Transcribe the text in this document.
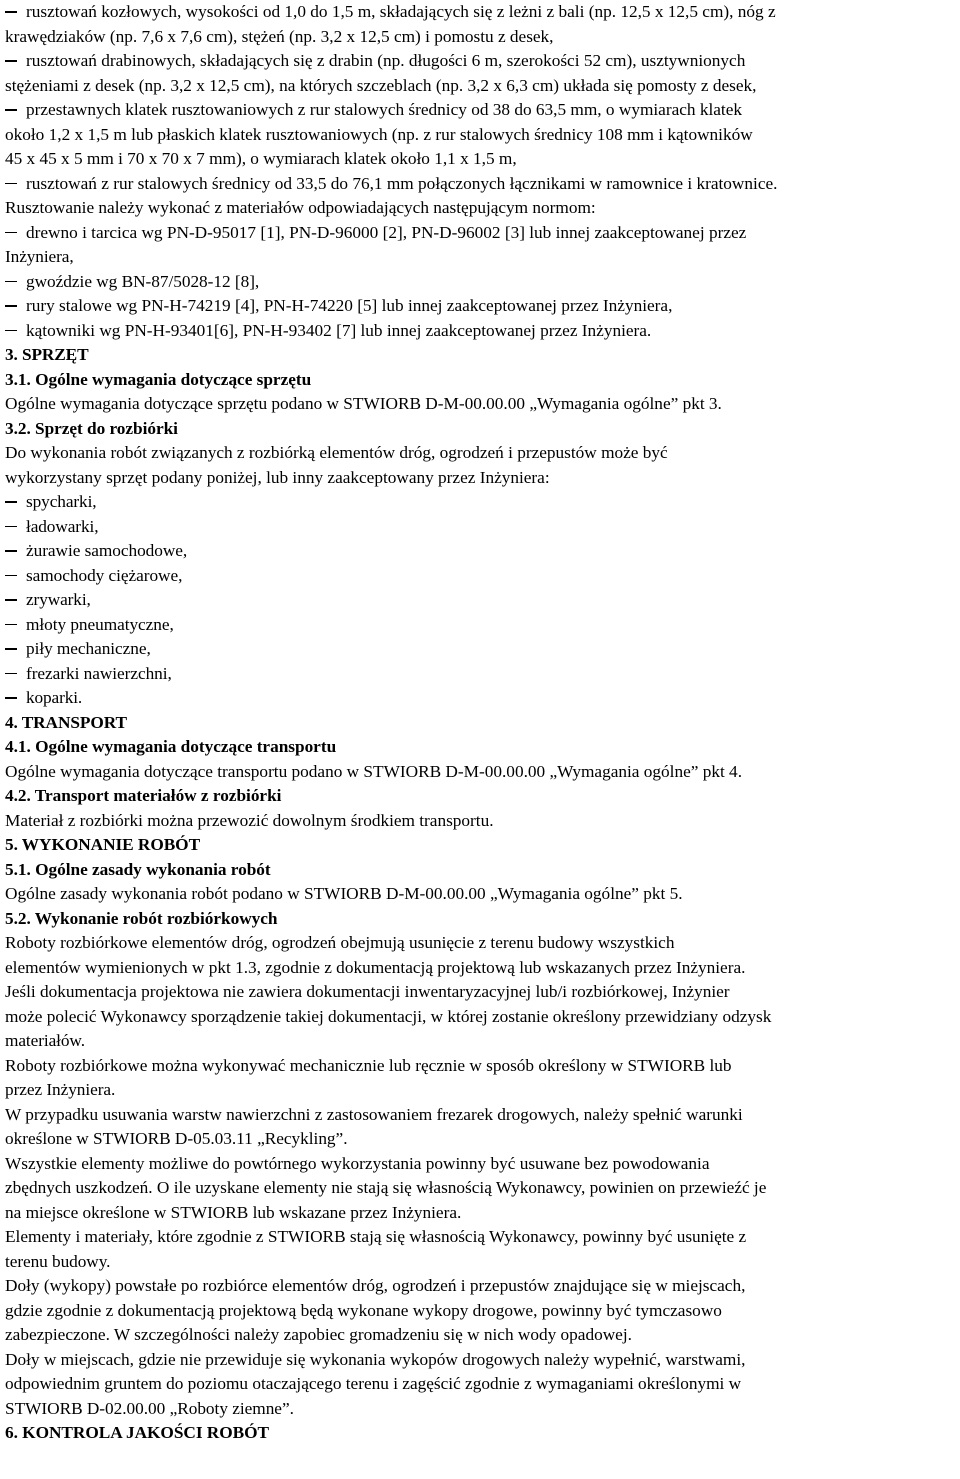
rusztowań kozłowych, wysokości od 1,0 do 1,5 m, składających się z leżni z bali (np. 12,5 x 12,5 cm), nóg z
krawędziaków (np. 7,6 x 7,6 cm), stężeń (np. 3,2 x 12,5 cm) i pomostu z desek,
rusztowań drabinowych, składających się z drabin (np. długości 6 m, szerokości 52 cm), usztywnionych
stężeniami z desek (np. 3,2 x 12,5 cm), na których szczeblach (np. 3,2 x 6,3 cm) układa się pomosty z desek,
przestawnych klatek rusztowaniowych z rur stalowych średnicy od 38 do 63,5 mm, o wymiarach klatek
około 1,2 x 1,5 m lub płaskich klatek rusztowaniowych (np. z rur stalowych średnicy 108 mm i kątowników
45 x 45 x 5 mm i 70 x 70 x 7 mm), o wymiarach klatek około 1,1 x 1,5 m,
rusztowań z rur stalowych średnicy od 33,5 do 76,1 mm połączonych łącznikami w ramownice i kratownice.
Rusztowanie należy wykonać z materiałów odpowiadających następującym normom:
drewno i tarcica wg PN-D-95017 [1], PN-D-96000 [2], PN-D-96002 [3] lub innej zaakceptowanej przez
Inżyniera,
gwoździe wg BN-87/5028-12 [8],
rury stalowe wg PN-H-74219 [4], PN-H-74220 [5] lub innej zaakceptowanej przez Inżyniera,
kątowniki wg PN-H-93401[6], PN-H-93402 [7] lub innej zaakceptowanej przez Inżyniera.
3. SPRZĘT
3.1. Ogólne wymagania dotyczące sprzętu
Ogólne wymagania dotyczące sprzętu podano w STWIORB D-M-00.00.00 „Wymagania ogólne” pkt 3.
3.2. Sprzęt do rozbiórki
Do wykonania robót związanych z rozbiórką elementów dróg, ogrodzeń i przepustów może być
wykorzystany sprzęt podany poniżej, lub inny zaakceptowany przez Inżyniera:
spycharki,
ładowarki,
żurawie samochodowe,
samochody ciężarowe,
zrywarki,
młoty pneumatyczne,
piły mechaniczne,
frezarki nawierzchni,
koparki.
4. TRANSPORT
4.1. Ogólne wymagania dotyczące transportu
Ogólne wymagania dotyczące transportu podano w STWIORB D-M-00.00.00 „Wymagania ogólne” pkt 4.
4.2. Transport materiałów z rozbiórki
Materiał z rozbiórki można przewozić dowolnym środkiem transportu.
5. WYKONANIE ROBÓT
5.1. Ogólne zasady wykonania robót
Ogólne zasady wykonania robót podano w STWIORB D-M-00.00.00 „Wymagania ogólne” pkt 5.
5.2. Wykonanie robót rozbiórkowych
Roboty rozbiórkowe elementów dróg, ogrodzeń obejmują usunięcie z terenu budowy wszystkich
elementów wymienionych w pkt 1.3, zgodnie z dokumentacją projektową lub wskazanych przez Inżyniera.
Jeśli dokumentacja projektowa nie zawiera dokumentacji inwentaryzacyjnej lub/i rozbiórkowej, Inżynier
może polecić Wykonawcy sporządzenie takiej dokumentacji, w której zostanie określony przewidziany odzysk
materiałów.
Roboty rozbiórkowe można wykonywać mechanicznie lub ręcznie w sposób określony w STWIORB lub
przez Inżyniera.
W przypadku usuwania warstw nawierzchni z zastosowaniem frezarek drogowych, należy spełnić warunki
określone w STWIORB D-05.03.11 „Recykling”.
Wszystkie elementy możliwe do powtórnego wykorzystania powinny być usuwane bez powodowania
zbędnych uszkodzeń. O ile uzyskane elementy nie stają się własnością Wykonawcy, powinien on przewieźć je
na miejsce określone w STWIORB lub wskazane przez Inżyniera.
Elementy i materiały, które zgodnie z STWIORB stają się własnością Wykonawcy, powinny być usunięte z
terenu budowy.
Doły (wykopy) powstałe po rozbiórce elementów dróg, ogrodzeń i przepustów znajdujące się w miejscach,
gdzie zgodnie z dokumentacją projektową będą wykonane wykopy drogowe, powinny być tymczasowo
zabezpieczone. W szczególności należy zapobiec gromadzeniu się w nich wody opadowej.
Doły w miejscach, gdzie nie przewiduje się wykonania wykopów drogowych należy wypełnić, warstwami,
odpowiednim gruntem do poziomu otaczającego terenu i zagęścić zgodnie z wymaganiami określonymi w
STWIORB D-02.00.00 „Roboty ziemne”.
6. KONTROLA JAKOŚCI ROBÓT
